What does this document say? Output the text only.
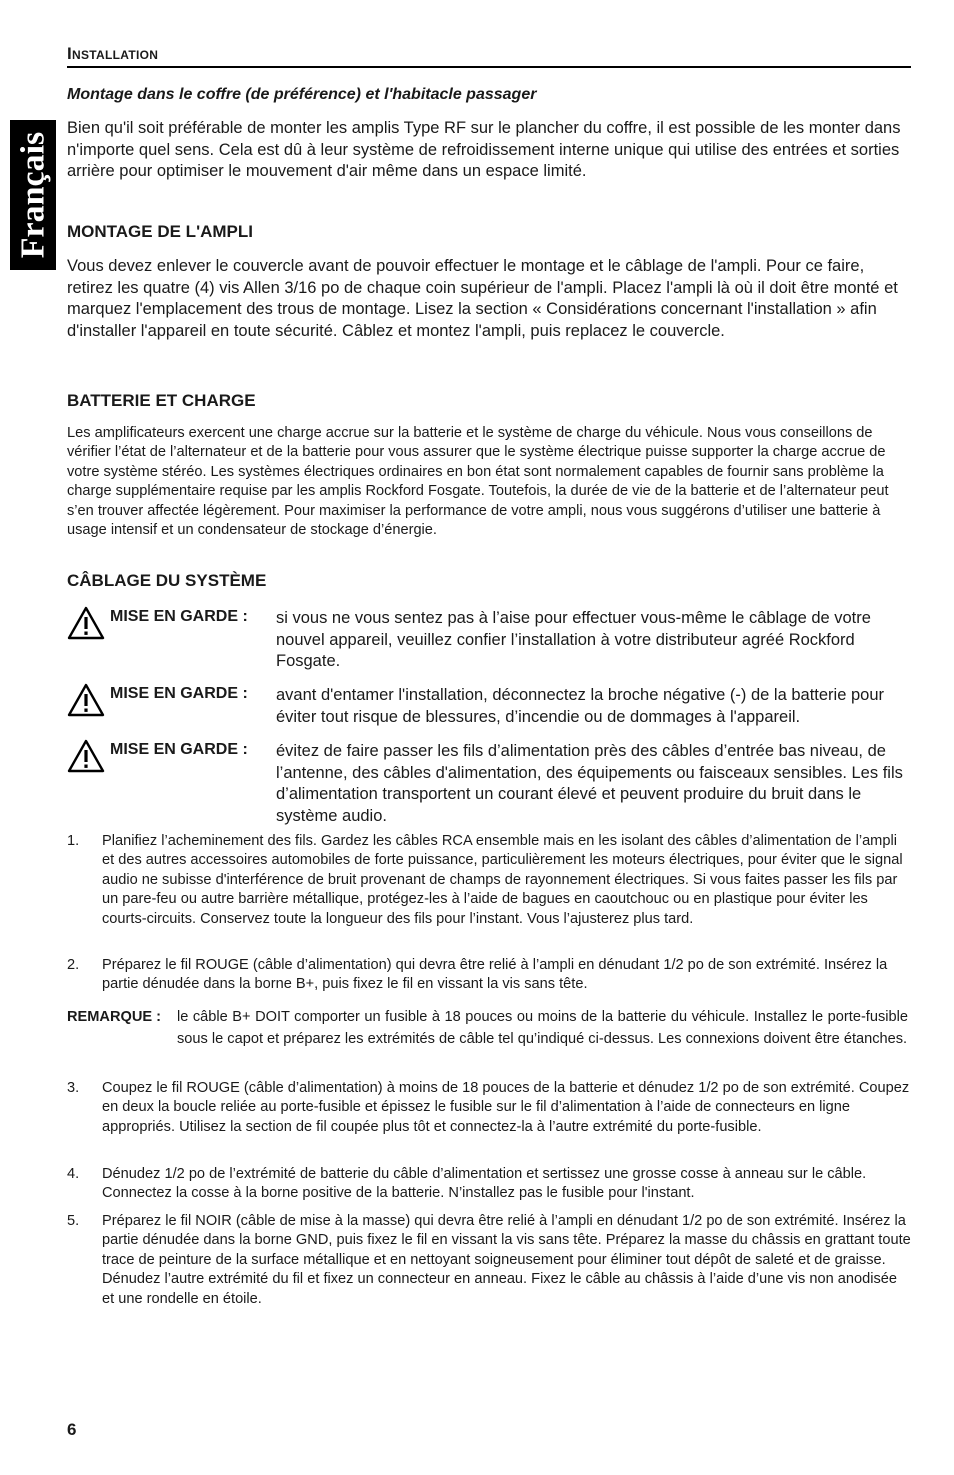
Français
Installation
Montage dans le coffre (de préférence) et l'habitacle passager
Bien qu'il soit préférable de monter les amplis Type RF sur le plancher du coffre, il est possible de les monter dans n'importe quel sens. Cela est dû à leur système de refroidissement interne unique qui utilise des entrées et sorties arrière pour optimiser le mouvement d'air même dans un espace limité.
MONTAGE DE L'AMPLI
Vous devez enlever le couvercle avant de pouvoir effectuer le montage et le câblage de l'ampli. Pour ce faire, retirez les quatre (4) vis Allen 3/16 po de chaque coin supérieur de l'ampli. Placez l'ampli là où il doit être monté et marquez l'emplacement des trous de montage. Lisez la section « Considérations concernant l'installation » afin d'installer l'appareil en toute sécurité. Câblez et montez l'ampli, puis replacez le couvercle.
BATTERIE ET CHARGE
Les amplificateurs exercent une charge accrue sur la batterie et le système de charge du véhicule. Nous vous conseillons de vérifier l’état de l’alternateur et de la batterie pour vous assurer que le système électrique puisse supporter la charge accrue de votre système stéréo. Les systèmes électriques ordinaires en bon état sont normalement capables de fournir sans problème la charge supplémentaire requise par les amplis Rockford Fosgate. Toutefois, la durée de vie de la batterie et de l’alternateur peut s’en trouver affectée légèrement. Pour maximiser la performance de votre ampli, nous vous suggérons d’utiliser une batterie à usage intensif et un condensateur de stockage d’énergie.
CÂBLAGE DU SYSTÈME
MISE EN GARDE : si vous ne vous sentez pas à l’aise pour effectuer vous-même le câblage de votre nouvel appareil, veuillez confier l’installation à votre distributeur agréé Rockford Fosgate.
MISE EN GARDE : avant d'entamer l'installation, déconnectez la broche négative (-) de la batterie pour éviter tout risque de blessures, d’incendie ou de dommages à l'appareil.
MISE EN GARDE : évitez de faire passer les fils d’alimentation près des câbles d’entrée bas niveau, de l’antenne, des câbles d'alimentation, des équipements ou faisceaux sensibles. Les fils d’alimentation transportent un courant élevé et peuvent produire du bruit dans le système audio.
1. Planifiez l’acheminement des fils. Gardez les câbles RCA ensemble mais en les isolant des câbles d’alimentation de l’ampli et des autres accessoires automobiles de forte puissance, particulièrement les moteurs électriques, pour éviter que le signal audio ne subisse d'interférence de bruit provenant de champs de rayonnement électriques. Si vous faites passer les fils par un pare-feu ou autre barrière métallique, protégez-les à l’aide de bagues en caoutchouc ou en plastique pour éviter les courts-circuits. Conservez toute la longueur des fils pour l’instant. Vous l’ajusterez plus tard.
2. Préparez le fil ROUGE (câble d’alimentation) qui devra être relié à l’ampli en dénudant 1/2 po de son extrémité. Insérez la partie dénudée dans la borne B+, puis fixez le fil en vissant la vis sans tête.
REMARQUE : le câble B+ DOIT comporter un fusible à 18 pouces ou moins de la batterie du véhicule. Installez le porte-fusible sous le capot et préparez les extrémités de câble tel qu’indiqué ci-dessus. Les connexions doivent être étanches.
3. Coupez le fil ROUGE (câble d’alimentation) à moins de 18 pouces de la batterie et dénudez 1/2 po de son extrémité. Coupez en deux la boucle reliée au porte-fusible et épissez le fusible sur le fil d’alimentation à l’aide de connecteurs en ligne appropriés. Utilisez la section de fil coupée plus tôt et connectez-la à l’autre extrémité du porte-fusible.
4. Dénudez 1/2 po de l’extrémité de batterie du câble d’alimentation et sertissez une grosse cosse à anneau sur le câble. Connectez la cosse à la borne positive de la batterie. N’installez pas le fusible pour l'instant.
5. Préparez le fil NOIR (câble de mise à la masse) qui devra être relié à l’ampli en dénudant 1/2 po de son extrémité. Insérez la partie dénudée dans la borne GND, puis fixez le fil en vissant la vis sans tête. Préparez la masse du châssis en grattant toute trace de peinture de la surface métallique et en nettoyant soigneusement pour éliminer tout dépôt de saleté et de graisse. Dénudez l’autre extrémité du fil et fixez un connecteur en anneau. Fixez le câble au châssis à l’aide d’une vis non anodisée et une rondelle en étoile.
6
